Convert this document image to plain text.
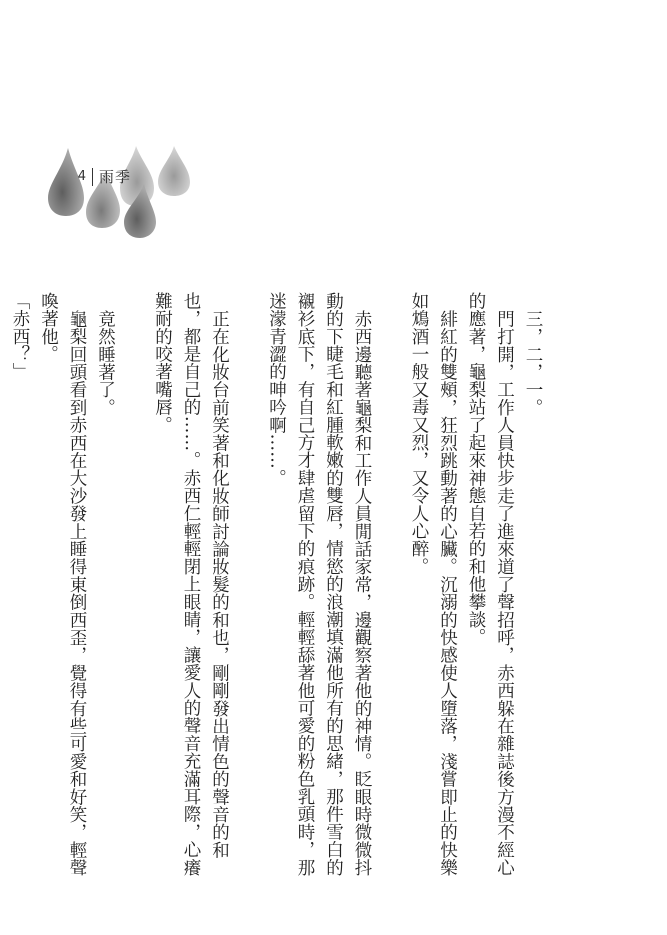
4 雨季

三，二，一。

門打開，工作人員快步走了進來道了聲招呼，赤西躲在雜誌後方漫不經心的應著，龜梨站了起來神態自若的和他攀談。

緋紅的雙頰，狂烈跳動著的心臟。沉溺的快感使人墮落，淺嘗即止的快樂如鴆酒一般又毒又烈，又令人心醉。

赤西邊聽著龜梨和工作人員閒話家常，邊觀察著他的神情。眨眼時微微抖動的下睫毛和紅腫軟嫩的雙唇，情慾的浪潮填滿他所有的思緒，那件雪白的襯衫底下，有自己方才肆虐留下的痕跡。輕輕舔著他可愛的粉色乳頭時，那迷濛青澀的呻吟啊……。

正在化妝台前笑著和化妝師討論妝髮的和也，剛剛發出情色的聲音的和也，都是自己的……。赤西仁輕輕閉上眼睛，讓愛人的聲音充滿耳際，心癢難耐的咬著嘴唇。

竟然睡著了。

龜梨回頭看到赤西在大沙發上睡得東倒西歪，覺得有些可愛和好笑，輕聲喚著他。

「赤西？」
